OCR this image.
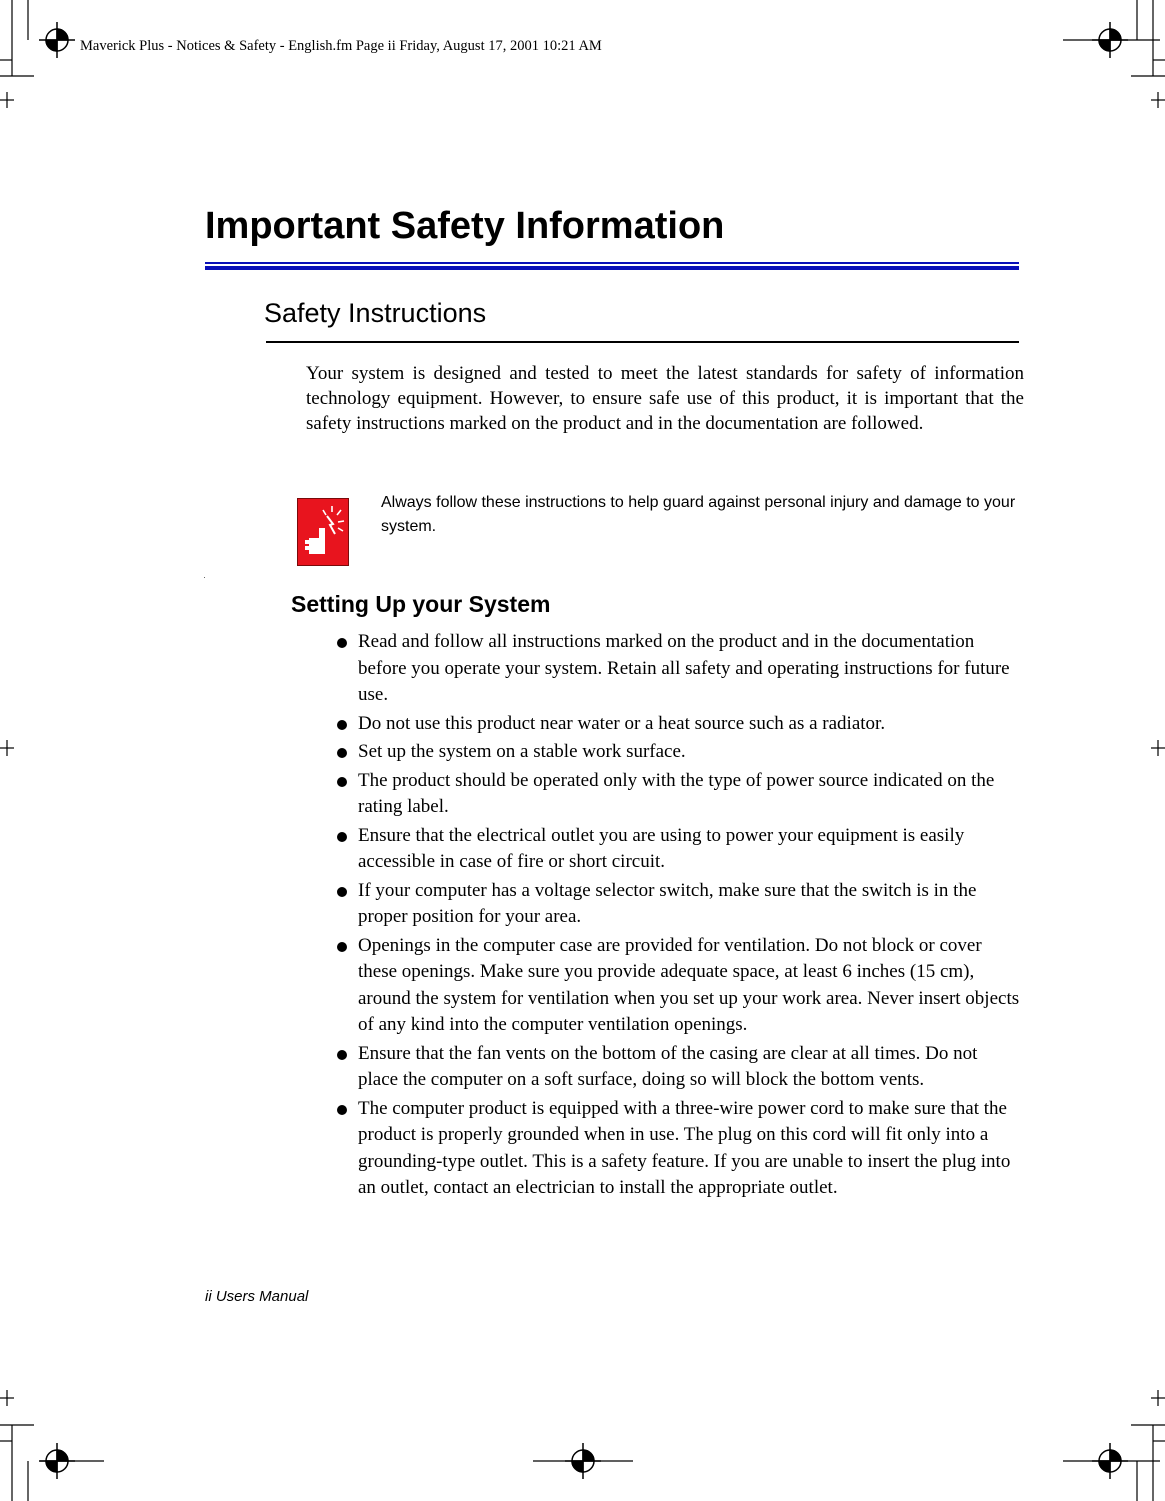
Maverick Plus - Notices & Safety - English.fm Page ii Friday, August 17, 2001 10:21 AM
Important Safety Information
Safety Instructions

Your system is designed and tested to meet the latest standards for safety of information technology equipment. However, to ensure safe use of this product, it is important that the safety instructions marked on the product and in the documentation are followed.

Always follow these instructions to help guard against personal injury and damage to your system.

Setting Up your System
Read and follow all instructions marked on the product and in the documentation before you operate your system. Retain all safety and operating instructions for future use.
Do not use this product near water or a heat source such as a radiator.
Set up the system on a stable work surface.
The product should be operated only with the type of power source indicated on the rating label.
Ensure that the electrical outlet you are using to power your equipment is easily accessible in case of fire or short circuit.
If your computer has a voltage selector switch, make sure that the switch is in the proper position for your area.
Openings in the computer case are provided for ventilation. Do not block or cover these openings. Make sure you provide adequate space, at least 6 inches (15 cm), around the system for ventilation when you set up your work area. Never insert objects of any kind into the computer ventilation openings.
Ensure that the fan vents on the bottom of the casing are clear at all times. Do not place the computer on a soft surface, doing so will block the bottom vents.
The computer product is equipped with a three-wire power cord to make sure that the product is properly grounded when in use. The plug on this cord will fit only into a grounding-type outlet. This is a safety feature. If you are unable to insert the plug into an outlet, contact an electrician to install the appropriate outlet.

ii Users Manual
